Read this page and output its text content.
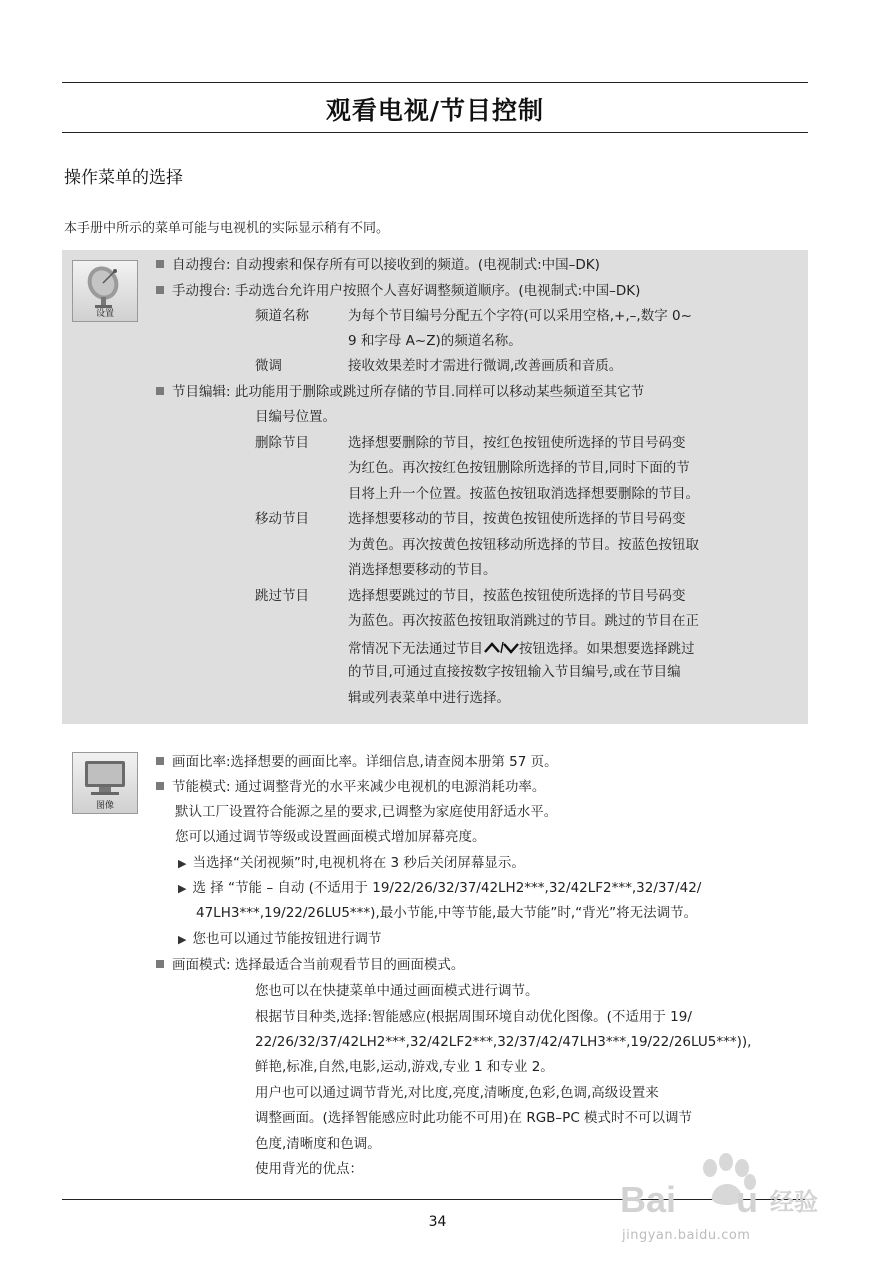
观看电视/节目控制
操作菜单的选择
本手册中所示的菜单可能与电视机的实际显示稍有不同。
设置
自动搜台: 自动搜索和保存所有可以接收到的频道。(电视制式:中国–DK)
手动搜台: 手动选台允许用户按照个人喜好调整频道顺序。(电视制式:中国–DK)
频道名称	为每个节目编号分配五个字符(可以采用空格,+,–,数字 0~
9 和字母 A~Z)的频道名称。
微调	接收效果差时才需进行微调,改善画质和音质。
节目编辑: 此功能用于删除或跳过所存储的节目.同样可以移动某些频道至其它节
目编号位置。
删除节目	选择想要删除的节目，按红色按钮使所选择的节目号码变
为红色。再次按红色按钮删除所选择的节目,同时下面的节
目将上升一个位置。按蓝色按钮取消选择想要删除的节目。
移动节目	选择想要移动的节目，按黄色按钮使所选择的节目号码变
为黄色。再次按黄色按钮移动所选择的节目。按蓝色按钮取
消选择想要移动的节目。
跳过节目	选择想要跳过的节目，按蓝色按钮使所选择的节目号码变
为蓝色。再次按蓝色按钮取消跳过的节目。跳过的节目在正
常情况下无法通过节目	按钮选择。如果想要选择跳过
的节目,可通过直接按数字按钮输入节目编号,或在节目编
辑或列表菜单中进行选择。
图像
画面比率:选择想要的画面比率。详细信息,请查阅本册第 57 页。
节能模式: 通过调整背光的水平来减少电视机的电源消耗功率。
默认工厂设置符合能源之星的要求,已调整为家庭使用舒适水平。
您可以通过调节等级或设置画面模式增加屏幕亮度。
▶ 当选择“关闭视频”时,电视机将在 3 秒后关闭屏幕显示。
▶ 选 择 “节能 – 自动 (不适用于 19/22/26/32/37/42LH2***,32/42LF2***,32/37/42/
47LH3***,19/22/26LU5***),最小节能,中等节能,最大节能”时,“背光”将无法调节。
▶ 您也可以通过节能按钮进行调节
画面模式: 选择最适合当前观看节目的画面模式。
您也可以在快捷菜单中通过画面模式进行调节。
根据节目种类,选择:智能感应(根据周围环境自动优化图像。(不适用于 19/
22/26/32/37/42LH2***,32/42LF2***,32/37/42/47LH3***,19/22/26LU5***)),
鲜艳,标准,自然,电影,运动,游戏,专业 1 和专业 2。
用户也可以通过调节背光,对比度,亮度,清晰度,色彩,色调,高级设置来
调整画面。(选择智能感应时此功能不可用)在 RGB–PC 模式时不可以调节
色度,清晰度和色调。
使用背光的优点：
34
Bai u 经验
jingyan.baidu.com
